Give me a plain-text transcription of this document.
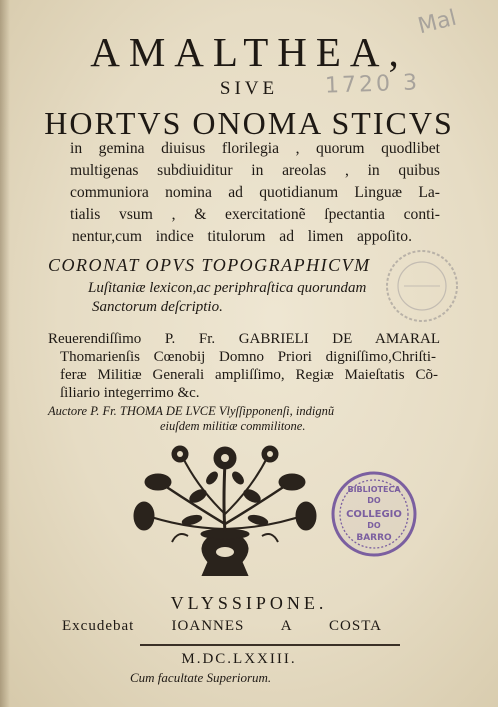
Mal
1720 3
AMALTHEA,
SIVE
HORTVS ONOMA STICVS
in gemina diuisus florilegia , quorum quodlibet
multigenas subdiuiditur in areolas , in quibus
communiora nomina ad quotidianum Linguæ La-
tialis vsum , & exercitationẽ ſpectantia conti-
nentur,cum indice titulorum ad limen appoſito.
CORONAT OPVS TOPOGRAPHICVM
Luſitaniæ lexicon,ac periphraſtica quorundam
Sanctorum deſcriptio.
Reuerendiſſimo P. Fr. GABRIELI DE AMARAL
Thomarienſis Cœnobij Domno Priori digniſſimo,Chriſti-
feræ Militiæ Generali ampliſſimo, Regiæ Maieſtatis Cõ-
ſiliario integerrimo &c.
Auctore P. Fr. THOMA DE LVCE Vlyſſipponenſi, indignũ
eiuſdem militiæ commilitone.
BIBLIOTECA
DO
COLLEGIO
DO
BARRO
VLYSSIPONE.
Excudebat IOANNES A COSTA
M.DC.LXXIII.
Cum facultate Superiorum.
